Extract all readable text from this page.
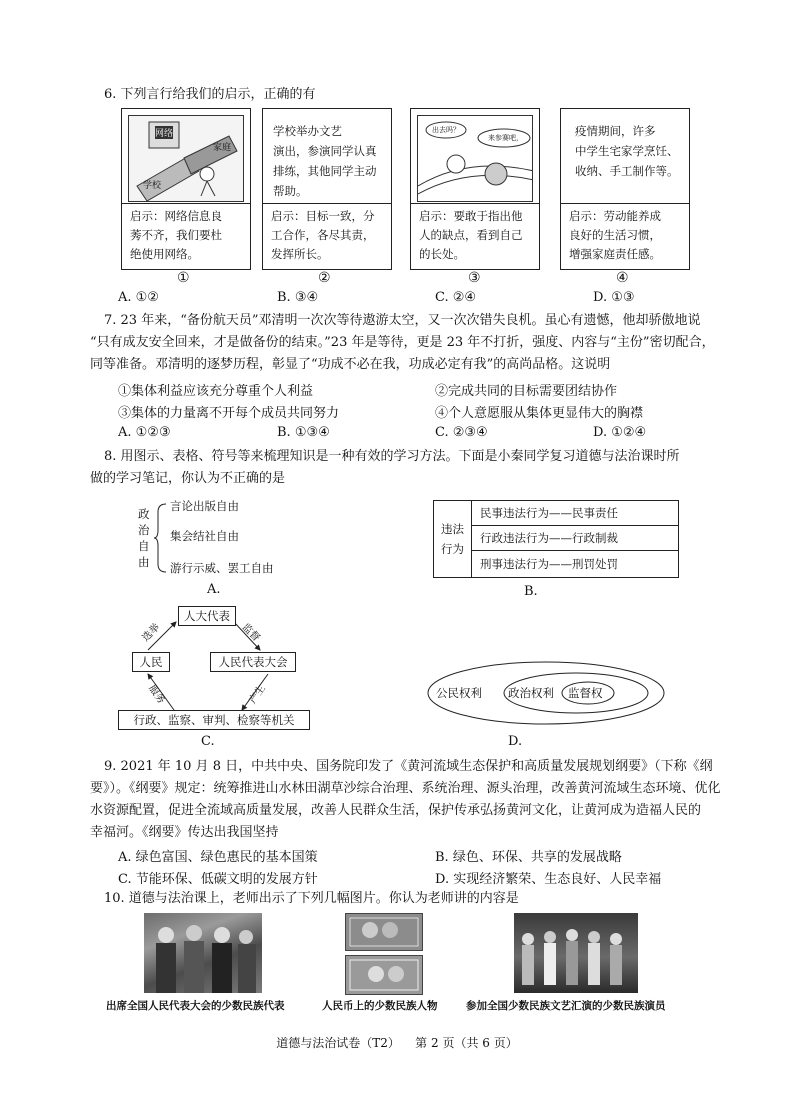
6. 下列言行给我们的启示，正确的有
网络
学校
家庭
启示：网络信息良
莠不齐，我们要杜
绝使用网络。
①
学校举办文艺
演出，参演同学认真
排练，其他同学主动
帮助。
启示：目标一致，分
工合作，各尽其责，
发挥所长。
②
出去吗？
来参赛吧，
启示：要敢于指出他
人的缺点，看到自己
的长处。
③
疫情期间，许多
中学生宅家学烹饪、
收纳、手工制作等。
启示：劳动能养成
良好的生活习惯，
增强家庭责任感。
④
A. ①②	B. ③④	C. ②④	D. ①③
7. 23 年来，“备份航天员”邓清明一次次等待遨游太空，又一次次错失良机。虽心有遗憾，他却骄傲地说
“只有成友安全回来，才是做备份的结束。”23 年是等待，更是 23 年不打折，强度、内容与“主份”密切配合，
同等准备。邓清明的逐梦历程，彰显了“功成不必在我，功成必定有我”的高尚品格。这说明
①集体利益应该充分尊重个人利益	②完成共同的目标需要团结协作
③集体的力量离不开每个成员共同努力	④个人意愿服从集体更显伟大的胸襟
A. ①②③	B. ①③④	C. ②③④	D. ①②④
8. 用图示、表格、符号等来梳理知识是一种有效的学习方法。下面是小秦同学复习道德与法治课时所
做的学习笔记，你认为不正确的是
政
治
自
由
言论出版自由
集会结社自由
游行示威、罢工自由
A.
违法
行为
民事违法行为——民事责任
行政违法行为——行政制裁
刑事违法行为——刑罚处罚
B.
人大代表
人民	人民代表大会
行政、监察、审判、检察等机关
选举	监督
产生
服务
C.
公民权利 政治权利 监督权
D.
9. 2021 年 10 月 8 日，中共中央、国务院印发了《黄河流域生态保护和高质量发展规划纲要》（下称《纲
要》）。《纲要》规定：统筹推进山水林田湖草沙综合治理、系统治理、源头治理，改善黄河流域生态环境、优化
水资源配置，促进全流域高质量发展，改善人民群众生活，保护传承弘扬黄河文化，让黄河成为造福人民的
幸福河。《纲要》传达出我国坚持
A. 绿色富国、绿色惠民的基本国策	B. 绿色、环保、共享的发展战略
C. 节能环保、低碳文明的发展方针	D. 实现经济繁荣、生态良好、人民幸福
10. 道德与法治课上，老师出示了下列几幅图片。你认为老师讲的内容是
出席全国人民代表大会的少数民族代表	人民币上的少数民族人物	参加全国少数民族文艺汇演的少数民族演员
道德与法治试卷（T2）    第 2 页（共 6 页）
